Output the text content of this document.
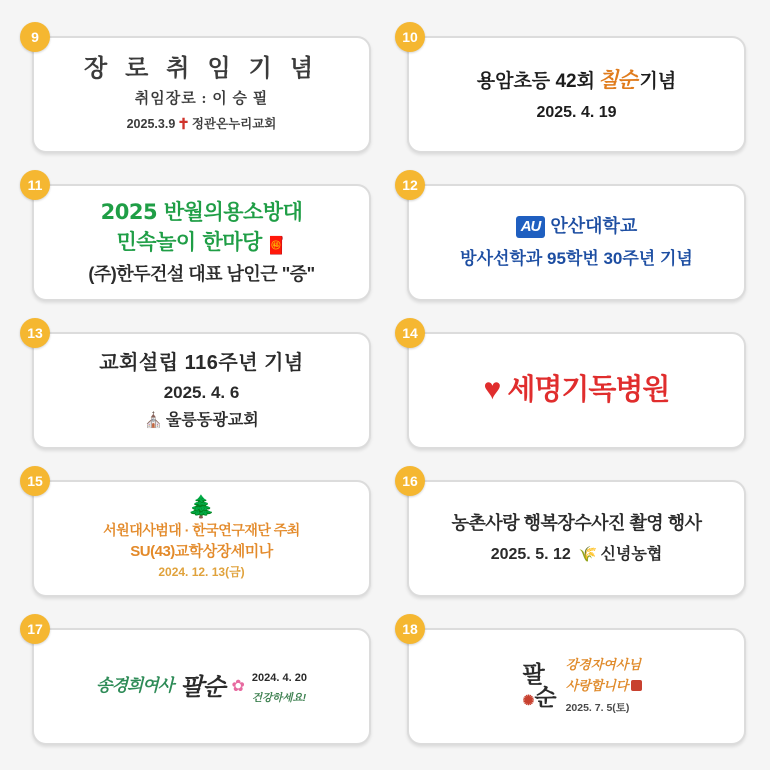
9
장 로 취 임 기 념
취임장로 : 이 승 필
2025.3.9 ✝ 정관온누리교회
10
용암초등 42회 칠순 기념
2025. 4. 19
11
2025 반월의용소방대
민속놀이 한마당 🧧
(주)한두건설 대표 남인근 "증"
12
AU 안산대학교
방사선학과 95학번 30주년 기념
13
교회설립 116주년 기념
2025. 4. 6
⛪ 울릉동광교회
14
♥ 세명기독병원
15
🌲
서원대사범대 · 한국연구재단 주최
SU(43)교학상장세미나
2024. 12. 13(금)
16
농촌사랑 행복장수사진 촬영 행사
2025. 5. 12 🌾 신녕농협
17
송경희여사 팔순 ✿
2024. 4. 20
건강하세요!
18
팔
✺순
강경자여사님
사랑합니다
2025. 7. 5(토)
